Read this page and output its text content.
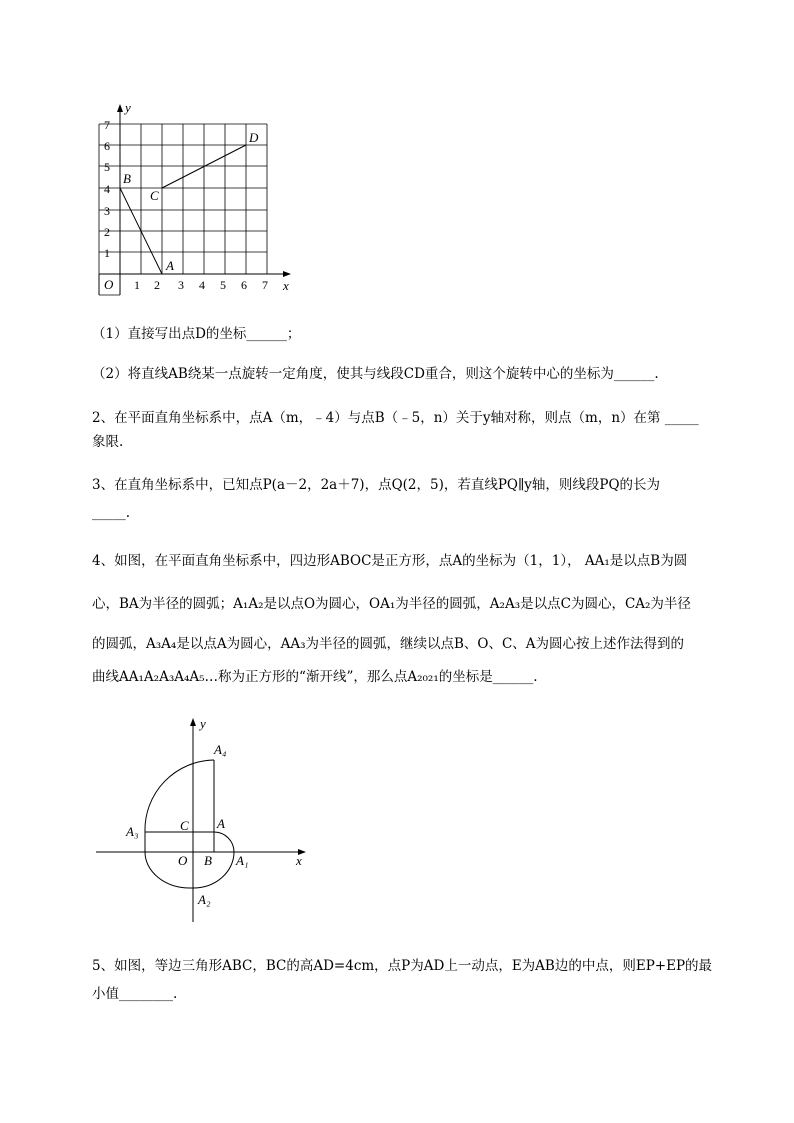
7
6
5
4
3
2
1
1 2 3 4 5 6 7
O	x
y
B
C
D
A

（1）直接写出点D的坐标______；

（2）将直线AB绕某一点旋转一定角度，使其与线段CD重合，则这个旋转中心的坐标为______.

2、在平面直角坐标系中，点A（m，﹣4）与点B（﹣5，n）关于y轴对称，则点（m，n）在第 _____

象限.

3、在直角坐标系中，已知点P(a－2，2a＋7)，点Q(2，5)，若直线PQ∥y轴，则线段PQ的长为

_____.

4、如图，在平面直角坐标系中，四边形ABOC是正方形，点A的坐标为（1，1）， AA₁是以点B为圆

心，BA为半径的圆弧；A₁A₂是以点O为圆心，OA₁为半径的圆弧，A₂A₃是以点C为圆心，CA₂为半径

的圆弧，A₃A₄是以点A为圆心，AA₃为半径的圆弧，继续以点B、O、C、A为圆心按上述作法得到的

曲线AA₁A₂A₃A₄A₅…称为正方形的“渐开线”，那么点A₂₀₂₁的坐标是______.

y
x
A₄
A
C
A₃
O B A₁
A₂

5、如图，等边三角形ABC，BC的高AD=4cm，点P为AD上一动点，E为AB边的中点，则EP+EP的最

小值________.
